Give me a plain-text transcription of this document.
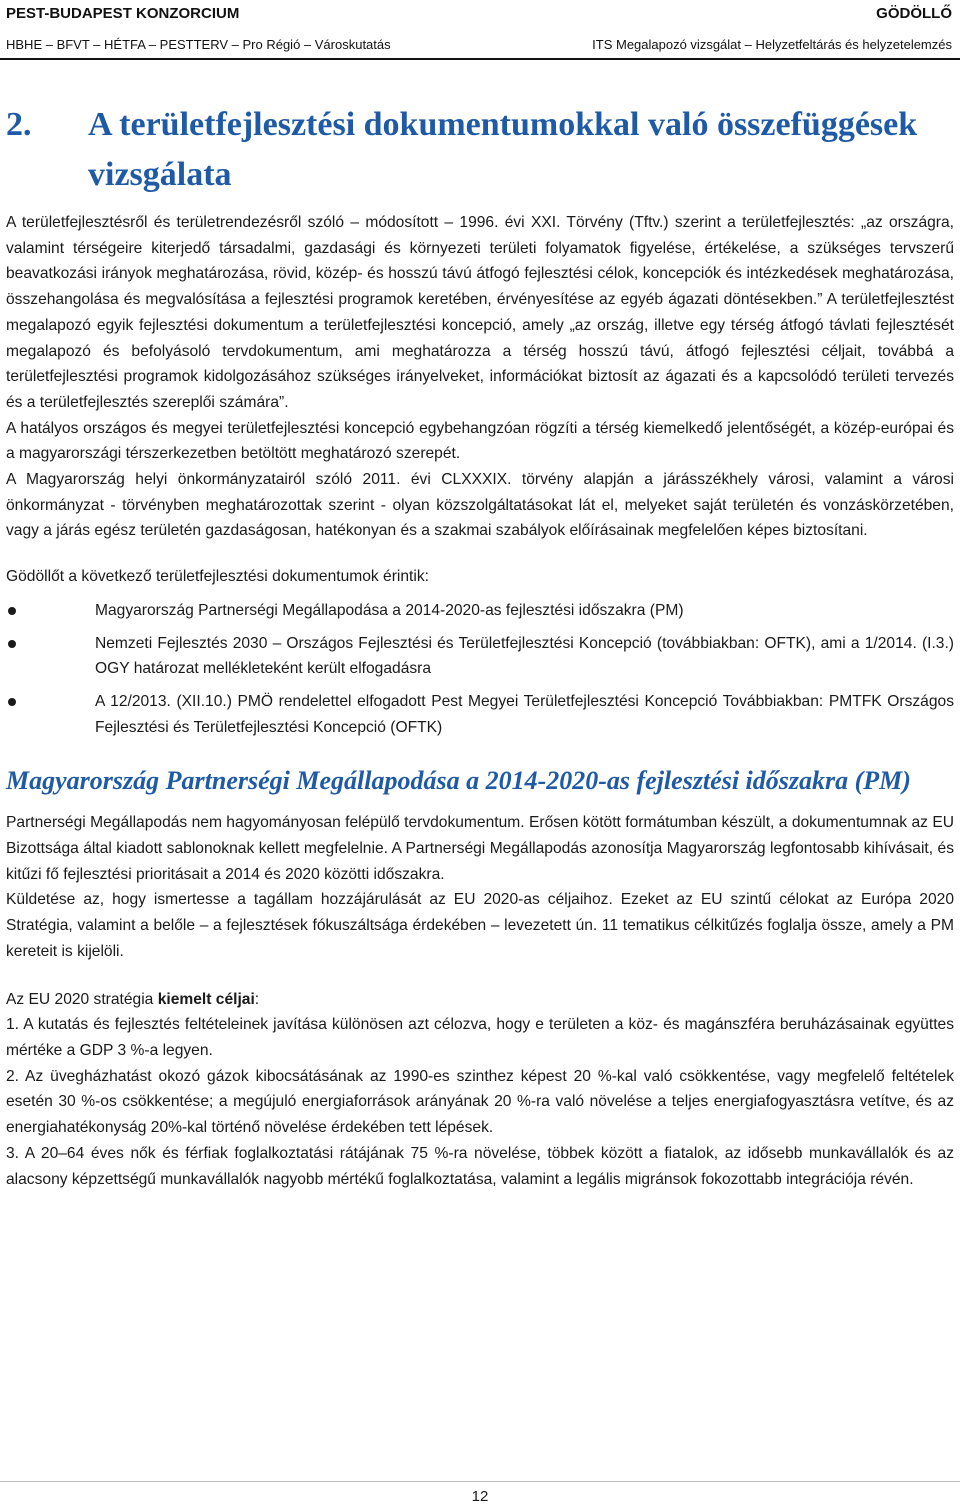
PEST-BUDAPEST KONZORCIUM	GÖDÖLLŐ
HBHE – BFVT – HÉTFA – PESTTERV – Pro Régió – Városkutatás	ITS Megalapozó vizsgálat – Helyzetfeltárás és helyzetelemzés
2.	A területfejlesztési dokumentumokkal való összefüggések vizsgálata

A területfejlesztésről és területrendezésről szóló – módosított – 1996. évi XXI. Törvény (Tftv.) szerint a területfejlesztés: „az országra, valamint térségeire kiterjedő társadalmi, gazdasági és környezeti területi folyamatok figyelése, értékelése, a szükséges tervszerű beavatkozási irányok meghatározása, rövid, közép- és hosszú távú átfogó fejlesztési célok, koncepciók és intézkedések meghatározása, összehangolása és megvalósítása a fejlesztési programok keretében, érvényesítése az egyéb ágazati döntésekben.” A területfejlesztést megalapozó egyik fejlesztési dokumentum a területfejlesztési koncepció, amely „az ország, illetve egy térség átfogó távlati fejlesztését megalapozó és befolyásoló tervdokumentum, ami meghatározza a térség hosszú távú, átfogó fejlesztési céljait, továbbá a területfejlesztési programok kidolgozásához szükséges irányelveket, információkat biztosít az ágazati és a kapcsolódó területi tervezés és a területfejlesztés szereplői számára”.

A hatályos országos és megyei területfejlesztési koncepció egybehangzóan rögzíti a térség kiemelkedő jelentőségét, a közép-európai és a magyarországi térszerkezetben betöltött meghatározó szerepét.

A Magyarország helyi önkormányzatairól szóló 2011. évi CLXXXIX. törvény alapján a járásszékhely városi, valamint a városi önkormányzat - törvényben meghatározottak szerint - olyan közszolgáltatásokat lát el, melyeket saját területén és vonzáskörzetében, vagy a járás egész területén gazdaságosan, hatékonyan és a szakmai szabályok előírásainak megfelelően képes biztosítani.

Gödöllőt a következő területfejlesztési dokumentumok érintik:

Magyarország Partnerségi Megállapodása a 2014-2020-as fejlesztési időszakra (PM)
Nemzeti Fejlesztés 2030 – Országos Fejlesztési és Területfejlesztési Koncepció (továbbiakban: OFTK), ami a 1/2014. (I.3.) OGY határozat mellékleteként került elfogadásra
A 12/2013. (XII.10.) PMÖ rendelettel elfogadott Pest Megyei Területfejlesztési Koncepció Továbbiakban: PMTFK Országos Fejlesztési és Területfejlesztési Koncepció (OFTK)
Magyarország Partnerségi Megállapodása a 2014-2020-as fejlesztési időszakra (PM)

Partnerségi Megállapodás nem hagyományosan felépülő tervdokumentum. Erősen kötött formátumban készült, a dokumentumnak az EU Bizottsága által kiadott sablonoknak kellett megfelelnie. A Partnerségi Megállapodás azonosítja Magyarország legfontosabb kihívásait, és kitűzi fő fejlesztési prioritásait a 2014 és 2020 közötti időszakra.

Küldetése az, hogy ismertesse a tagállam hozzájárulását az EU 2020-as céljaihoz. Ezeket az EU szintű célokat az Európa 2020 Stratégia, valamint a belőle – a fejlesztések fókuszáltsága érdekében – levezetett ún. 11 tematikus célkitűzés foglalja össze, amely a PM kereteit is kijelöli.

Az EU 2020 stratégia kiemelt céljai:

1. A kutatás és fejlesztés feltételeinek javítása különösen azt célozva, hogy e területen a köz- és magánszféra beruházásainak együttes mértéke a GDP 3 %-a legyen.

2. Az üvegházhatást okozó gázok kibocsátásának az 1990-es szinthez képest 20 %-kal való csökkentése, vagy megfelelő feltételek esetén 30 %-os csökkentése; a megújuló energiaforrások arányának 20 %-ra való növelése a teljes energiafogyasztásra vetítve, és az energiahatékonyság 20%-kal történő növelése érdekében tett lépések.

3. A 20–64 éves nők és férfiak foglalkoztatási rátájának 75 %-ra növelése, többek között a fiatalok, az idősebb munkavállalók és az alacsony képzettségű munkavállalók nagyobb mértékű foglalkoztatása, valamint a legális migránsok fokozottabb integrációja révén.

12
